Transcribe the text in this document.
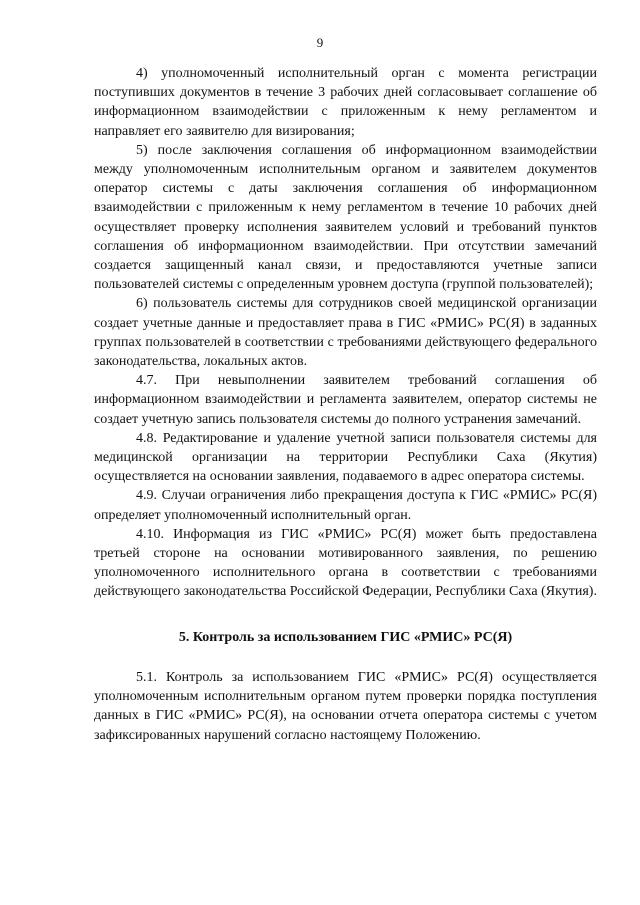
9

4) уполномоченный исполнительный орган с момента регистрации поступивших документов в течение 3 рабочих дней согласовывает соглашение об информационном взаимодействии с приложенным к нему регламентом и направляет его заявителю для визирования;

5) после заключения соглашения об информационном взаимодействии между уполномоченным исполнительным органом и заявителем документов оператор системы с даты заключения соглашения об информационном взаимодействии с приложенным к нему регламентом в течение 10 рабочих дней осуществляет проверку исполнения заявителем условий и требований пунктов соглашения об информационном взаимодействии. При отсутствии замечаний создается защищенный канал связи, и предоставляются учетные записи пользователей системы с определенным уровнем доступа (группой пользователей);

6) пользователь системы для сотрудников своей медицинской организации создает учетные данные и предоставляет права в ГИС «РМИС» РС(Я) в заданных группах пользователей в соответствии с требованиями действующего федерального законодательства, локальных актов.

4.7. При невыполнении заявителем требований соглашения об информационном взаимодействии и регламента заявителем, оператор системы не создает учетную запись пользователя системы до полного устранения замечаний.

4.8. Редактирование и удаление учетной записи пользователя системы для медицинской организации на территории Республики Саха (Якутия) осуществляется на основании заявления, подаваемого в адрес оператора системы.

4.9. Случаи ограничения либо прекращения доступа к ГИС «РМИС» РС(Я) определяет уполномоченный исполнительный орган.

4.10. Информация из ГИС «РМИС» РС(Я) может быть предоставлена третьей стороне на основании мотивированного заявления, по решению уполномоченного исполнительного органа в соответствии с требованиями действующего законодательства Российской Федерации, Республики Саха (Якутия).

5. Контроль за использованием ГИС «РМИС» РС(Я)

5.1. Контроль за использованием ГИС «РМИС» РС(Я) осуществляется уполномоченным исполнительным органом путем проверки порядка поступления данных в ГИС «РМИС» РС(Я), на основании отчета оператора системы с учетом зафиксированных нарушений согласно настоящему Положению.
